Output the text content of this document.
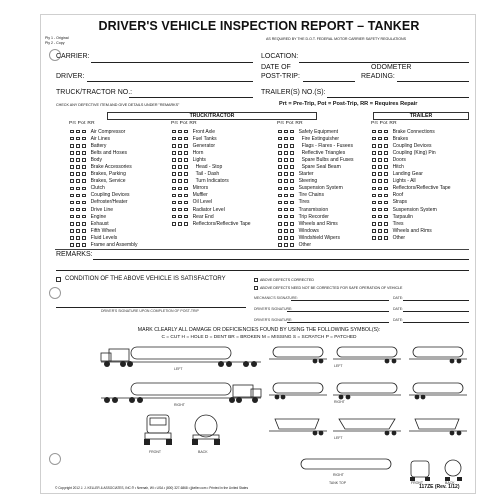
DRIVER'S VEHICLE INSPECTION REPORT – TANKER
Ply 1 - Original
Ply 2 - Copy
AS REQUIRED BY THE D.O.T. FEDERAL MOTOR CARRIER SAFETY REGULATIONS
CARRIER:	LOCATION:
DATE OF
POST-TRIP:
ODOMETER
READING:
DRIVER:
TRUCK/TRACTOR NO.:	TRAILER(S) NO.(S):
CHECK ANY DEFECTIVE ITEM AND GIVE DETAILS UNDER "REMARKS"	Prt = Pre-Trip, Pot = Post-Trip, RR = Requires Repair
TRUCK/TRACTOR	TRAILER
Prt Pot RR	Prt Pot RR	Prt Pot RR	Prt Pot RR
Air Compressor
Air Lines
Battery
Belts and Hoses
Body
Brake Accessories
Brakes, Parking
Brakes, Service
Clutch
Coupling Devices
Defroster/Heater
Drive Line
Engine
Exhaust
Fifth Wheel
Fluid Levels
Frame and Assembly
Front Axle
Fuel Tanks
Generator
Horn
Lights
Head - Stop
Tail - Dash
Turn Indicators
Mirrors
Muffler
Oil Level
Radiator Level
Rear End
Reflectors/Reflective Tape
Safety Equipment
Fire Extinguisher
Flags - Flares - Fusees
Reflective Triangles
Spare Bulbs and Fuses
Spare Seal Beam
Starter
Steering
Suspension System
Tire Chains
Tires
Transmission
Trip Recorder
Wheels and Rims
Windows
Windshield Wipers
Other
Brake Connections
Brakes
Coupling Devices
Coupling (King) Pin
Doors
Hitch
Landing Gear
Lights - All
Reflectors/Reflective Tape
Roof
Straps
Suspension System
Tarpaulin
Tires
Wheels and Rims
Other
REMARKS:
CONDITION OF THE ABOVE VEHICLE IS SATISFACTORY	ABOVE DEFECTS CORRECTED
ABOVE DEFECTS NEED NOT BE CORRECTED FOR SAFE OPERATION OF VEHICLE
MECHANIC'S SIGNATURE:	DATE:
DRIVER'S SIGNATURE:	DATE:
DRIVER'S SIGNATURE UPON COMPLETION OF POST-TRIP
DRIVER'S SIGNATURE:	DATE:
MARK CLEARLY ALL DAMAGE OR DEFICIENCIES FOUND BY USING THE FOLLOWING SYMBOL(S):
C = CUT H = HOLE D = DENT BR = BROKEN M = MISSING S = SCRATCH P = PATCHED
LEFT
RIGHT
FRONT	BACK
LEFT
RIGHT
LEFT
RIGHT
TANK TOP	FRONT	BACK
© Copyright 2012 J. J. KELLER & ASSOCIATES, INC.® • Neenah, WI • USA • (800) 327-6868 • jjkeller.com • Printed in the United States	117ZE (Rev. 1/12)
